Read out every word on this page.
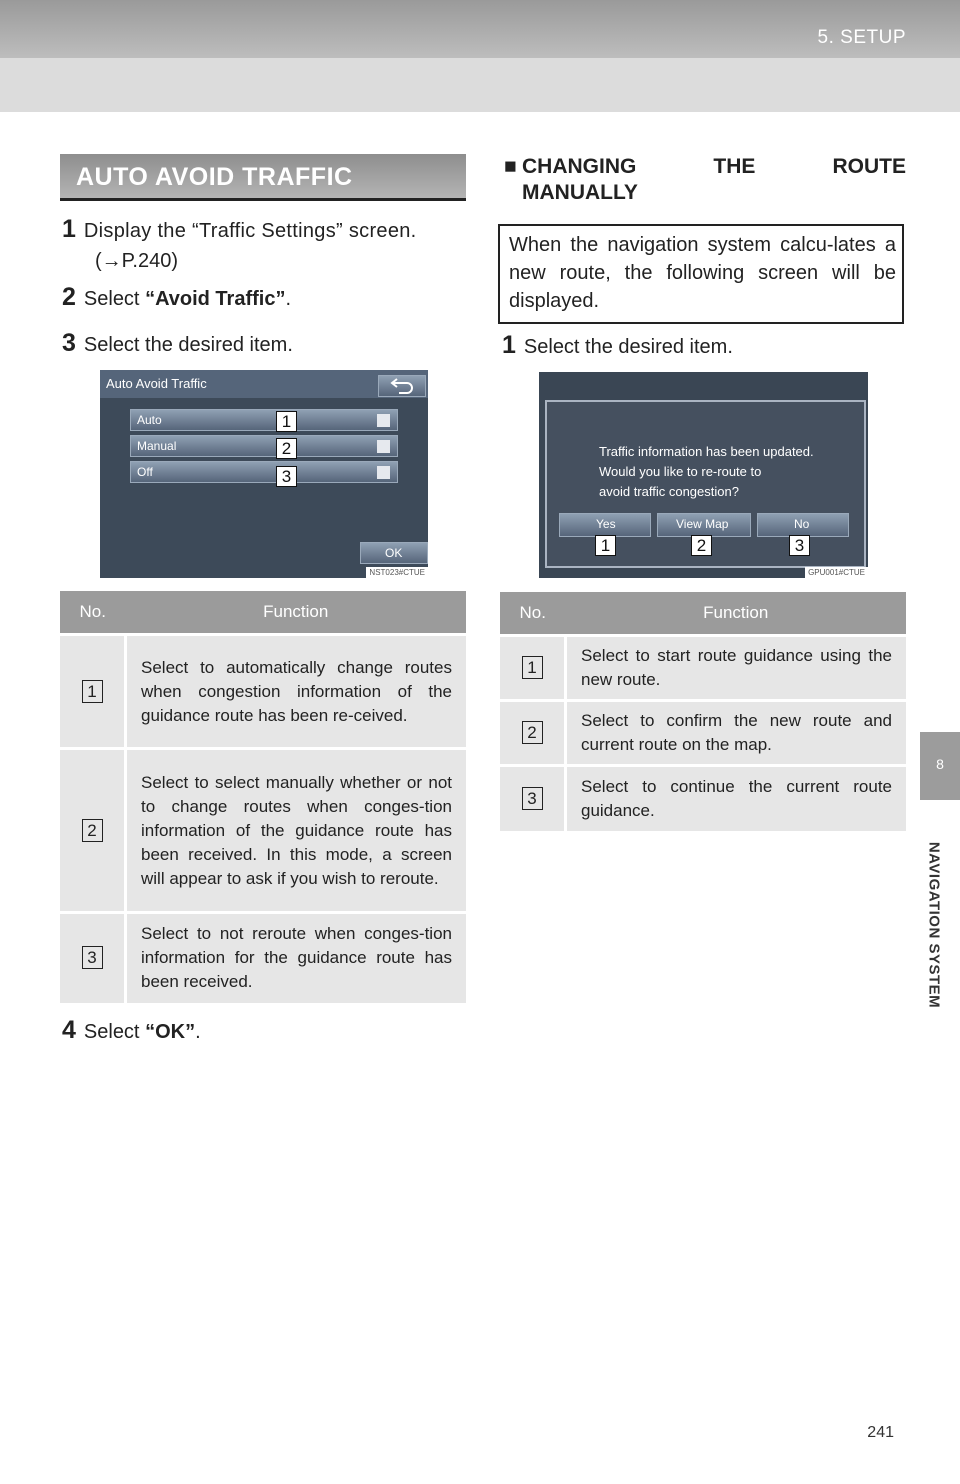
5. SETUP
8
NAVIGATION SYSTEM
AUTO AVOID TRAFFIC
1 Display the “Traffic Settings” screen.
(→P.240)
2 Select “Avoid Traffic”.
3 Select the desired item.
Auto Avoid Traffic
Auto
Manual
Off
1
2
3
OK
NST023#CTUE
No.	Function
1	Select to automatically change routes when congestion information of the guidance route has been re-ceived.
2	Select to select manually whether or not to change routes when conges-tion information of the guidance route has been received. In this mode, a screen will appear to ask if you wish to reroute.
3	Select to not reroute when conges-tion information for the guidance route has been received.
4 Select “OK”.
■ CHANGING THE ROUTE
MANUALLY
When the navigation system calcu-lates a new route, the following screen will be displayed.
1 Select the desired item.
Traffic information has been updated.
Would you like to re-route to
avoid traffic congestion?
Yes	View Map	No
1	2	3
GPU001#CTUE
No.	Function
1	Select to start route guidance using the new route.
2	Select to confirm the new route and current route on the map.
3	Select to continue the current route guidance.
241
